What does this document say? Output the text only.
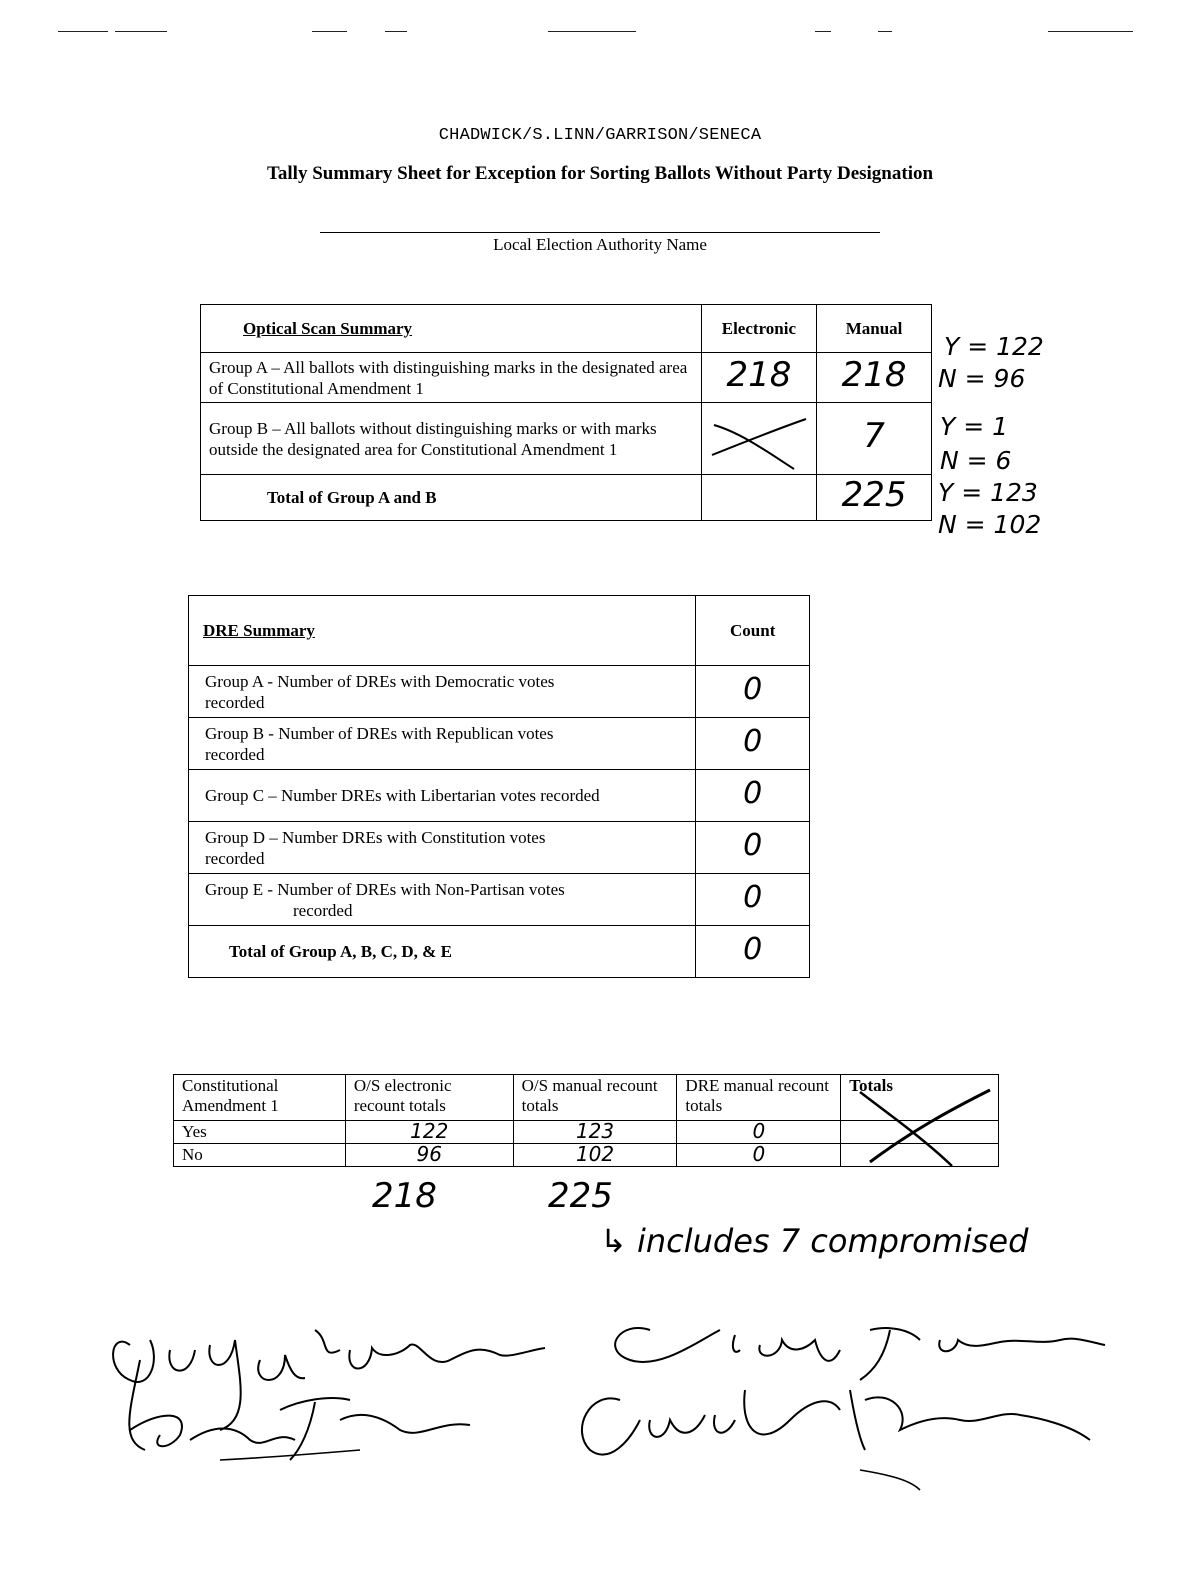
CHADWICK/S.LINN/GARRISON/SENECA
Tally Summary Sheet for Exception for Sorting Ballots Without Party Designation
Local Election Authority Name
Optical Scan Summary	Electronic	Manual
Group A – All ballots with distinguishing marks in the designated area of Constitutional Amendment 1	218	218
Group B – All ballots without distinguishing marks or with marks outside the designated area for Constitutional Amendment 1		7
Total of Group A and B		225
Y = 122
N = 96
Y = 1
N = 6
Y = 123
N = 102
DRE Summary	Count
Group A - Number of DREs with Democratic votes
recorded	0
Group B - Number of DREs with Republican votes
recorded	0
Group C – Number DREs with Libertarian votes recorded	0
Group D – Number DREs with Constitution votes
recorded	0
Group E - Number of DREs with Non-Partisan votes
recorded	0
Total of Group A, B, C, D, & E	0
Constitutional Amendment 1	O/S electronic recount totals	O/S manual recount totals	DRE manual recount totals	Totals
Yes	122	123	0	
No	96	102	0	
218	225
↳ includes 7 compromised
